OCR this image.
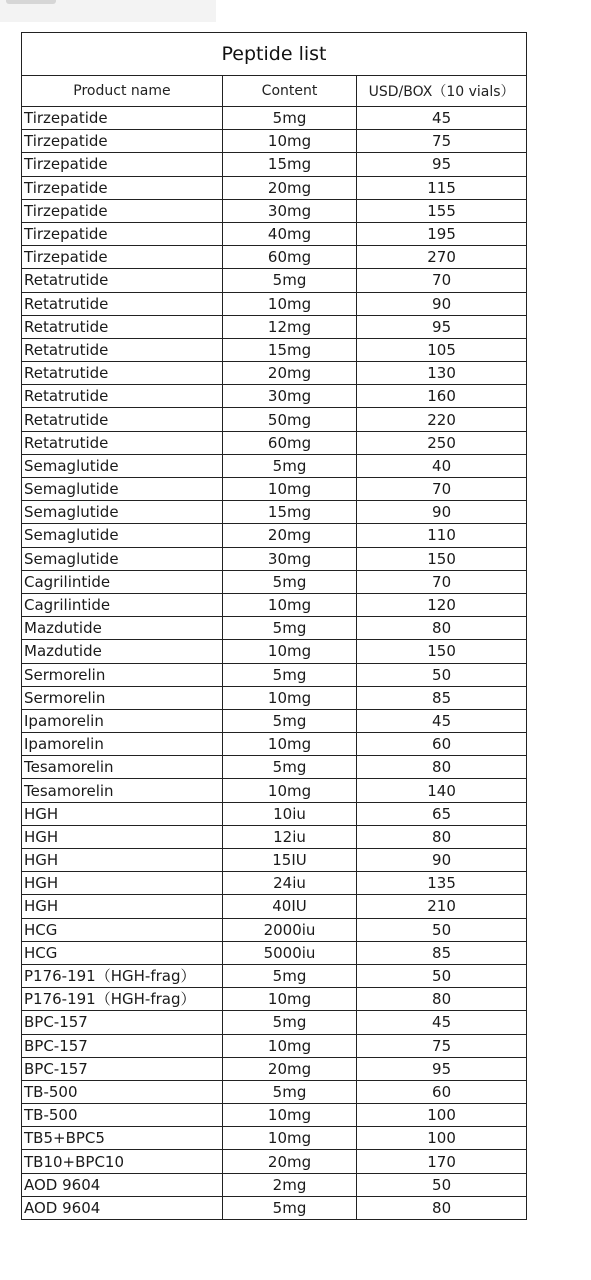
Peptide list
Product name	Content	USD/BOX（10 vials）
Tirzepatide	5mg	45
Tirzepatide	10mg	75
Tirzepatide	15mg	95
Tirzepatide	20mg	115
Tirzepatide	30mg	155
Tirzepatide	40mg	195
Tirzepatide	60mg	270
Retatrutide	5mg	70
Retatrutide	10mg	90
Retatrutide	12mg	95
Retatrutide	15mg	105
Retatrutide	20mg	130
Retatrutide	30mg	160
Retatrutide	50mg	220
Retatrutide	60mg	250
Semaglutide	5mg	40
Semaglutide	10mg	70
Semaglutide	15mg	90
Semaglutide	20mg	110
Semaglutide	30mg	150
Cagrilintide	5mg	70
Cagrilintide	10mg	120
Mazdutide	5mg	80
Mazdutide	10mg	150
Sermorelin	5mg	50
Sermorelin	10mg	85
Ipamorelin	5mg	45
Ipamorelin	10mg	60
Tesamorelin	5mg	80
Tesamorelin	10mg	140
HGH	10iu	65
HGH	12iu	80
HGH	15IU	90
HGH	24iu	135
HGH	40IU	210
HCG	2000iu	50
HCG	5000iu	85
P176-191（HGH-frag）	5mg	50
P176-191（HGH-frag）	10mg	80
BPC-157	5mg	45
BPC-157	10mg	75
BPC-157	20mg	95
TB-500	5mg	60
TB-500	10mg	100
TB5+BPC5	10mg	100
TB10+BPC10	20mg	170
AOD 9604	2mg	50
AOD 9604	5mg	80
